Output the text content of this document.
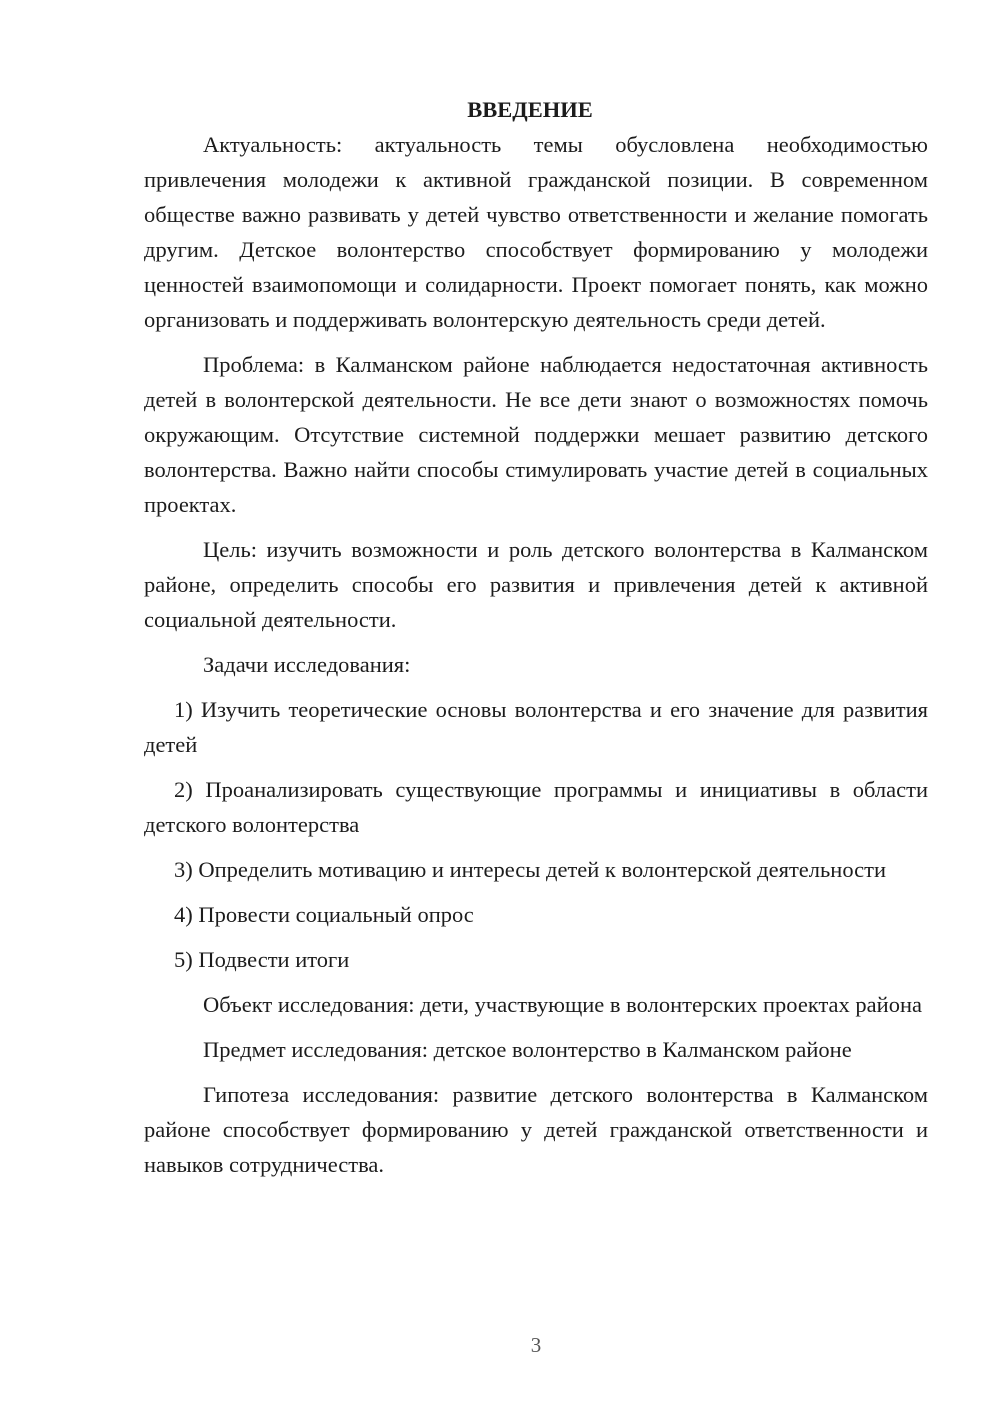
ВВЕДЕНИЕ

Актуальность: актуальность темы обусловлена необходимостью привлечения молодежи к активной гражданской позиции. В современном обществе важно развивать у детей чувство ответственности и желание помогать другим. Детское волонтерство способствует формированию у молодежи ценностей взаимопомощи и солидарности. Проект помогает понять, как можно организовать и поддерживать волонтерскую деятельность среди детей.

Проблема: в Калманском районе наблюдается недостаточная активность детей в волонтерской деятельности. Не все дети знают о возможностях помочь окружающим. Отсутствие системной поддержки мешает развитию детского волонтерства. Важно найти способы стимулировать участие детей в социальных проектах.

Цель: изучить возможности и роль детского волонтерства в Калманском районе, определить способы его развития и привлечения детей к активной социальной деятельности.

Задачи исследования:

1) Изучить теоретические основы волонтерства и его значение для развития детей

2) Проанализировать существующие программы и инициативы в области детского волонтерства

3) Определить мотивацию и интересы детей к волонтерской деятельности

4) Провести социальный опрос

5) Подвести итоги

Объект исследования: дети, участвующие в волонтерских проектах района

Предмет исследования: детское волонтерство в Калманском районе

Гипотеза исследования: развитие детского волонтерства в Калманском районе способствует формированию у детей гражданской ответственности и навыков сотрудничества.

3
